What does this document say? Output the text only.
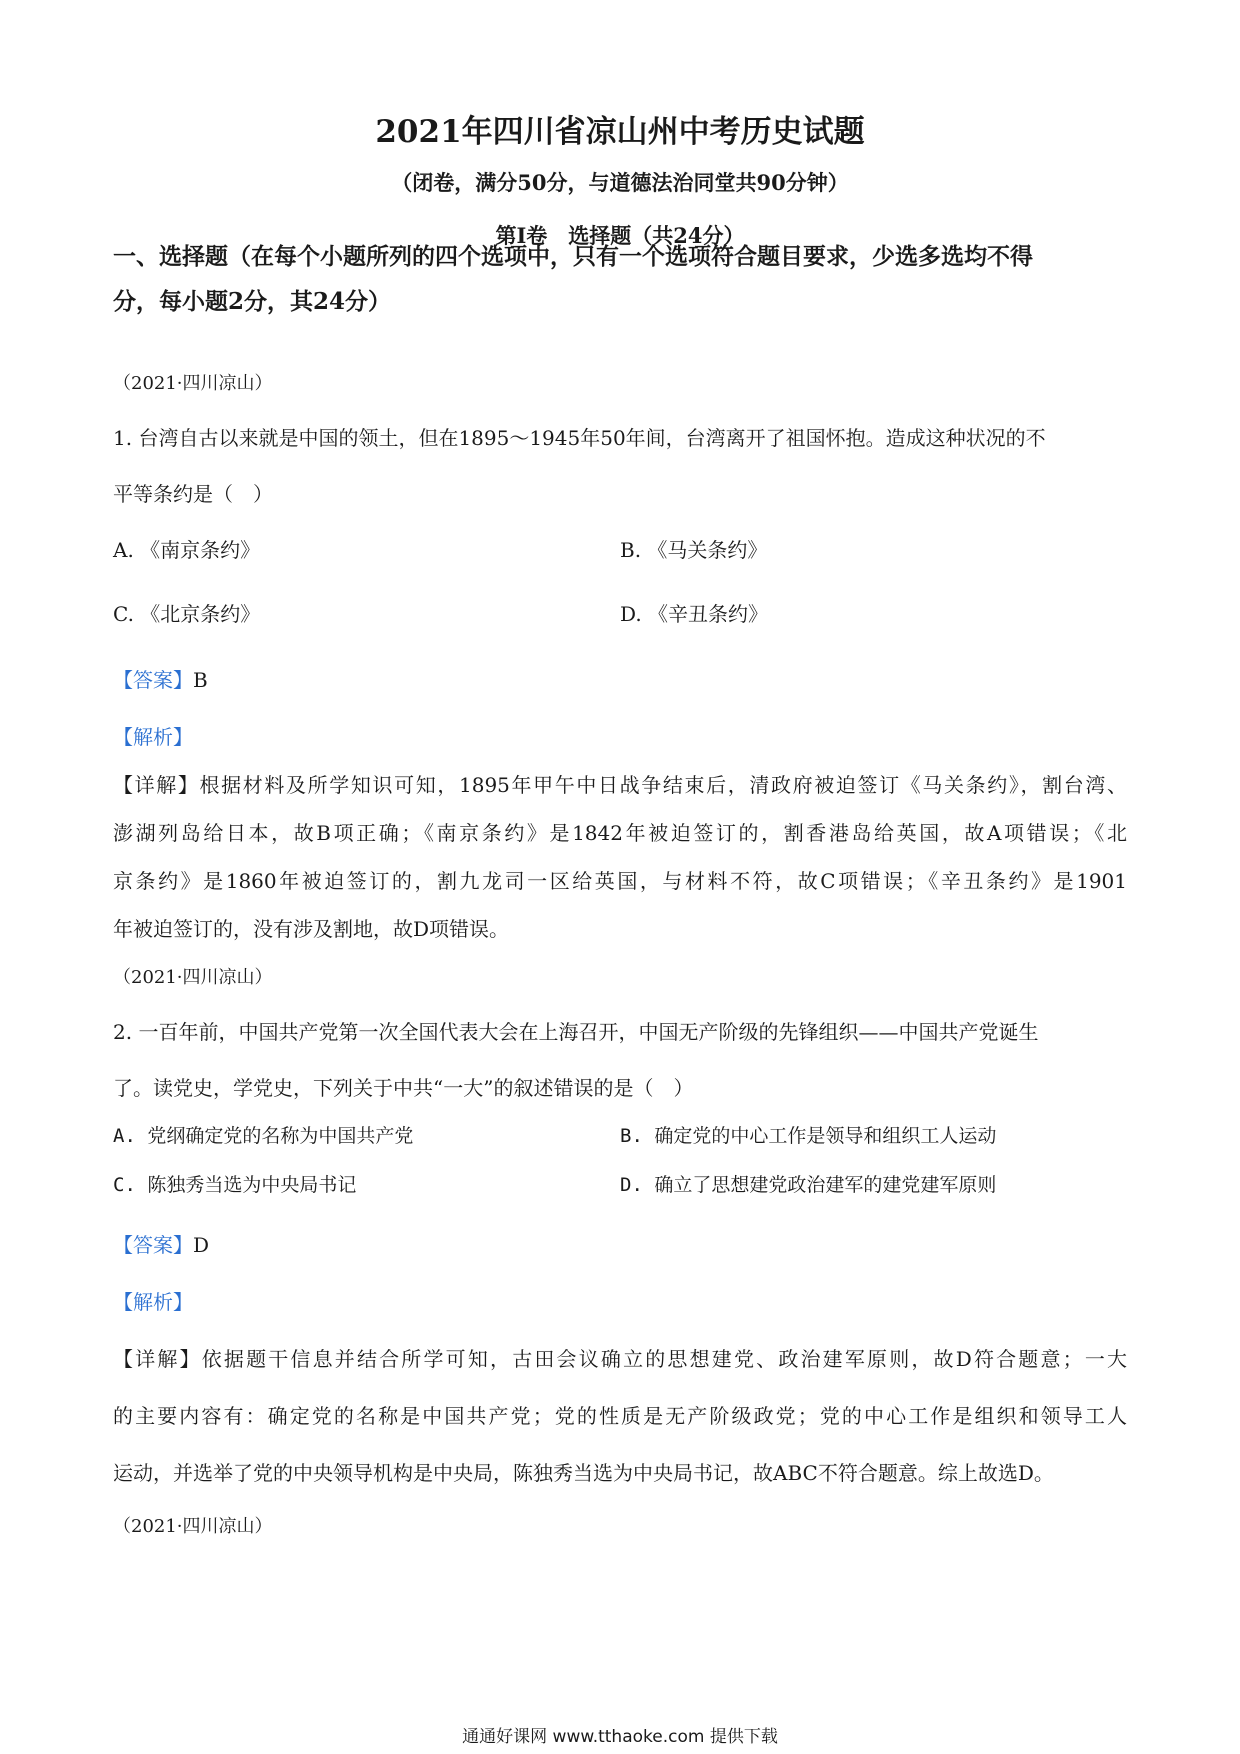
2021年四川省凉山州中考历史试题
（闭卷，满分50分，与道德法治同堂共90分钟）
第Ⅰ卷　选择题（共24分）
一、选择题（在每个小题所列的四个选项中，只有一个选项符合题目要求，少选多选均不得
分，每小题2分，其24分）
（2021·四川凉山）
1. 台湾自古以来就是中国的领土，但在1895～1945年50年间，台湾离开了祖国怀抱。造成这种状况的不
平等条约是（　）
A. 《南京条约》	B. 《马关条约》
C. 《北京条约》	D. 《辛丑条约》
【答案】B
【解析】
【详解】根据材料及所学知识可知，1895年甲午中日战争结束后，清政府被迫签订《马关条约》，割台湾、
澎湖列岛给日本，故B项正确；《南京条约》是1842年被迫签订的，割香港岛给英国，故A项错误；《北
京条约》是1860年被迫签订的，割九龙司一区给英国，与材料不符，故C项错误；《辛丑条约》是1901
年被迫签订的，没有涉及割地，故D项错误。
（2021·四川凉山）
2. 一百年前，中国共产党第一次全国代表大会在上海召开，中国无产阶级的先锋组织——中国共产党诞生
了。读党史，学党史，下列关于中共“一大”的叙述错误的是（　）
A. 党纲确定党的名称为中国共产党	B. 确定党的中心工作是领导和组织工人运动
C. 陈独秀当选为中央局书记	D. 确立了思想建党政治建军的建党建军原则
【答案】D
【解析】
【详解】依据题干信息并结合所学可知，古田会议确立的思想建党、政治建军原则，故D符合题意；一大
的主要内容有：确定党的名称是中国共产党；党的性质是无产阶级政党；党的中心工作是组织和领导工人
运动，并选举了党的中央领导机构是中央局，陈独秀当选为中央局书记，故ABC不符合题意。综上故选D。
（2021·四川凉山）
通通好课网 www.tthaoke.com 提供下载
